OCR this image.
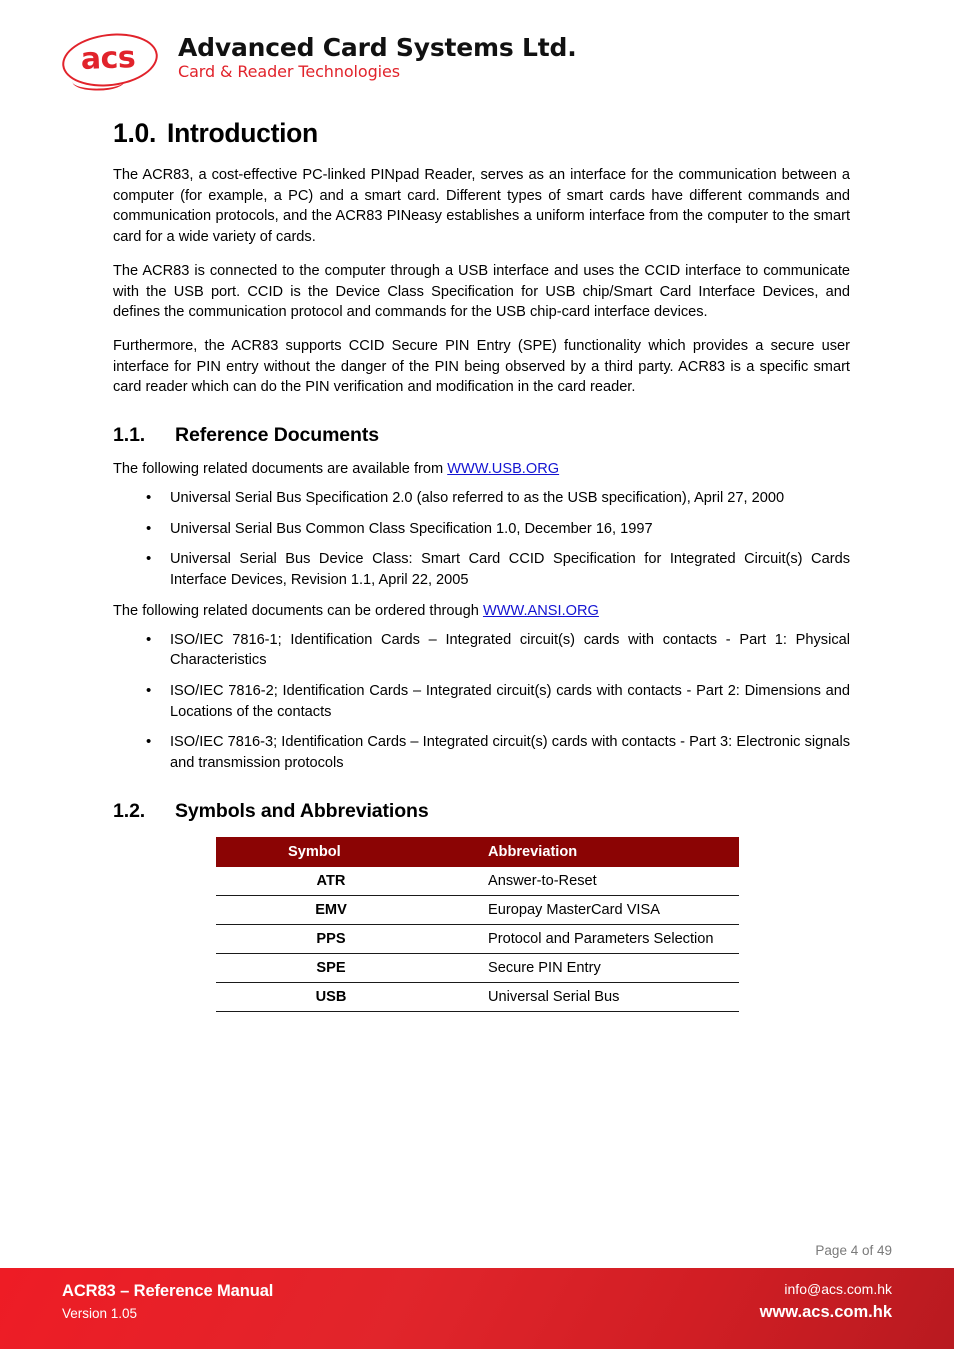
acs	Advanced Card Systems Ltd.
Card & Reader Technologies
1.0. Introduction

The ACR83, a cost-effective PC-linked PINpad Reader, serves as an interface for the communication between a computer (for example, a PC) and a smart card. Different types of smart cards have different commands and communication protocols, and the ACR83 PINeasy establishes a uniform interface from the computer to the smart card for a wide variety of cards.

The ACR83 is connected to the computer through a USB interface and uses the CCID interface to communicate with the USB port. CCID is the Device Class Specification for USB chip/Smart Card Interface Devices, and defines the communication protocol and commands for the USB chip-card interface devices.

Furthermore, the ACR83 supports CCID Secure PIN Entry (SPE) functionality which provides a secure user interface for PIN entry without the danger of the PIN being observed by a third party. ACR83 is a specific smart card reader which can do the PIN verification and modification in the card reader.

1.1.	Reference Documents

The following related documents are available from WWW.USB.ORG

• Universal Serial Bus Specification 2.0 (also referred to as the USB specification), April 27, 2000
• Universal Serial Bus Common Class Specification 1.0, December 16, 1997
• Universal Serial Bus Device Class: Smart Card CCID Specification for Integrated Circuit(s) Cards Interface Devices, Revision 1.1, April 22, 2005

The following related documents can be ordered through WWW.ANSI.ORG

• ISO/IEC 7816-1; Identification Cards – Integrated circuit(s) cards with contacts - Part 1: Physical Characteristics
• ISO/IEC 7816-2; Identification Cards – Integrated circuit(s) cards with contacts - Part 2: Dimensions and Locations of the contacts
• ISO/IEC 7816-3; Identification Cards – Integrated circuit(s) cards with contacts - Part 3: Electronic signals and transmission protocols
1.2.	Symbols and Abbreviations
Symbol	Abbreviation
ATR	Answer-to-Reset
EMV	Europay MasterCard VISA
PPS	Protocol and Parameters Selection
SPE	Secure PIN Entry
USB	Universal Serial Bus
Page 4 of 49
ACR83 – Reference Manual
Version 1.05
info@acs.com.hk
www.acs.com.hk
